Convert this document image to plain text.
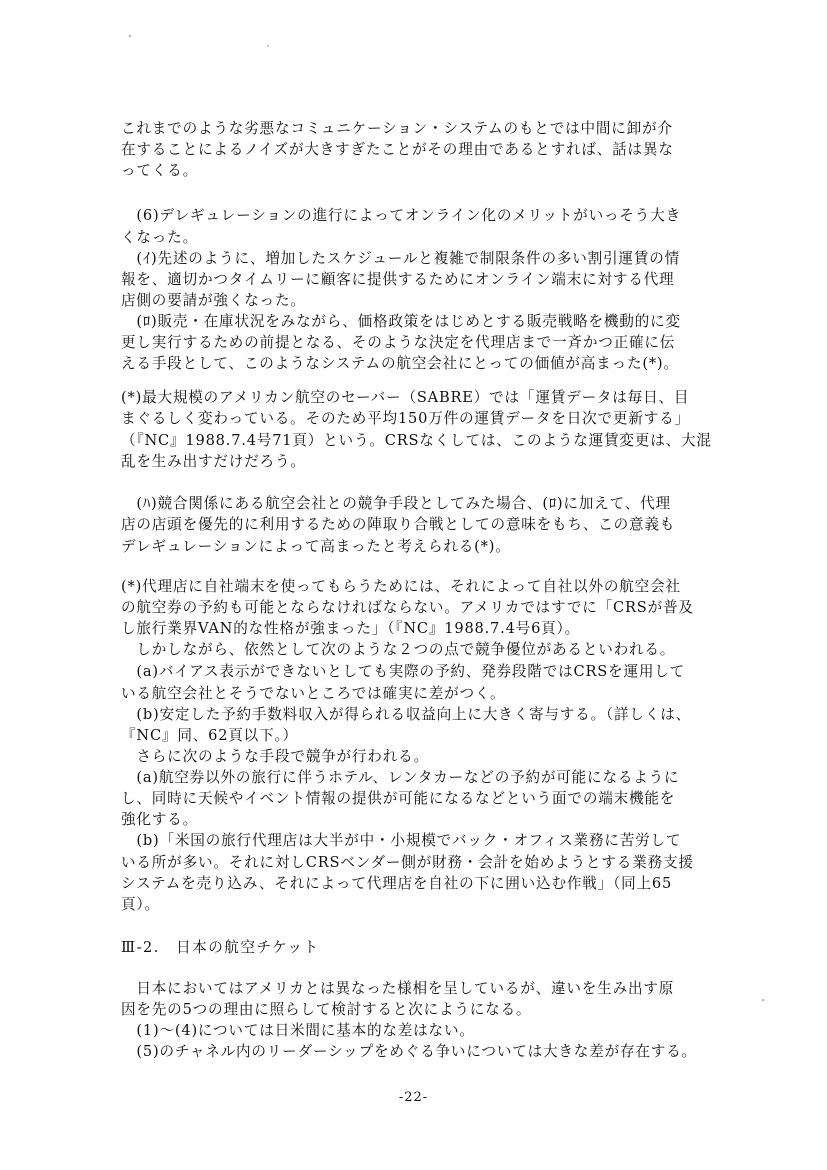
これまでのような劣悪なコミュニケーション・システムのもとでは中間に卸が介
在することによるノイズが大きすぎたことがその理由であるとすれば、話は異な
ってくる。
　(6)デレギュレーションの進行によってオンライン化のメリットがいっそう大き
くなった。
　(ｲ)先述のように、増加したスケジュールと複雑で制限条件の多い割引運賃の情
報を、適切かつタイムリーに顧客に提供するためにオンライン端末に対する代理
店側の要請が強くなった。
　(ﾛ)販売・在庫状況をみながら、価格政策をはじめとする販売戦略を機動的に変
更し実行するための前提となる、そのような決定を代理店まで一斉かつ正確に伝
える手段として、このようなシステムの航空会社にとっての価値が高まった(*)。
(*)最大規模のアメリカン航空のセーバー（SABRE）では「運賃データは毎日、目
まぐるしく変わっている。そのため平均150万件の運賃データを日次で更新する」
（『NC』1988.7.4号71頁）という。CRSなくしては、このような運賃変更は、大混
乱を生み出すだけだろう。
　(ﾊ)競合関係にある航空会社との競争手段としてみた場合、(ﾛ)に加えて、代理
店の店頭を優先的に利用するための陣取り合戦としての意味をもち、この意義も
デレギュレーションによって高まったと考えられる(*)。
(*)代理店に自社端末を使ってもらうためには、それによって自社以外の航空会社
の航空券の予約も可能とならなければならない。アメリカではすでに「CRSが普及
し旅行業界VAN的な性格が強まった」（『NC』1988.7.4号6頁）。
　しかしながら、依然として次のような２つの点で競争優位があるといわれる。
　(a)バイアス表示ができないとしても実際の予約、発券段階ではCRSを運用して
いる航空会社とそうでないところでは確実に差がつく。
　(b)安定した予約手数料収入が得られる収益向上に大きく寄与する。（詳しくは、
『NC』同、62頁以下。）
　さらに次のような手段で競争が行われる。
　(a)航空券以外の旅行に伴うホテル、レンタカーなどの予約が可能になるように
し、同時に天候やイベント情報の提供が可能になるなどという面での端末機能を
強化する。
　(b)「米国の旅行代理店は大半が中・小規模でバック・オフィス業務に苦労して
いる所が多い。それに対しCRSベンダー側が財務・会計を始めようとする業務支援
システムを売り込み、それによって代理店を自社の下に囲い込む作戦」（同上65
頁）。
Ⅲ-2.　日本の航空チケット
　日本においてはアメリカとは異なった様相を呈しているが、違いを生み出す原
因を先の5つの理由に照らして検討すると次にようになる。
　(1)～(4)については日米間に基本的な差はない。
　(5)のチャネル内のリーダーシップをめぐる争いについては大きな差が存在する。
-22-
